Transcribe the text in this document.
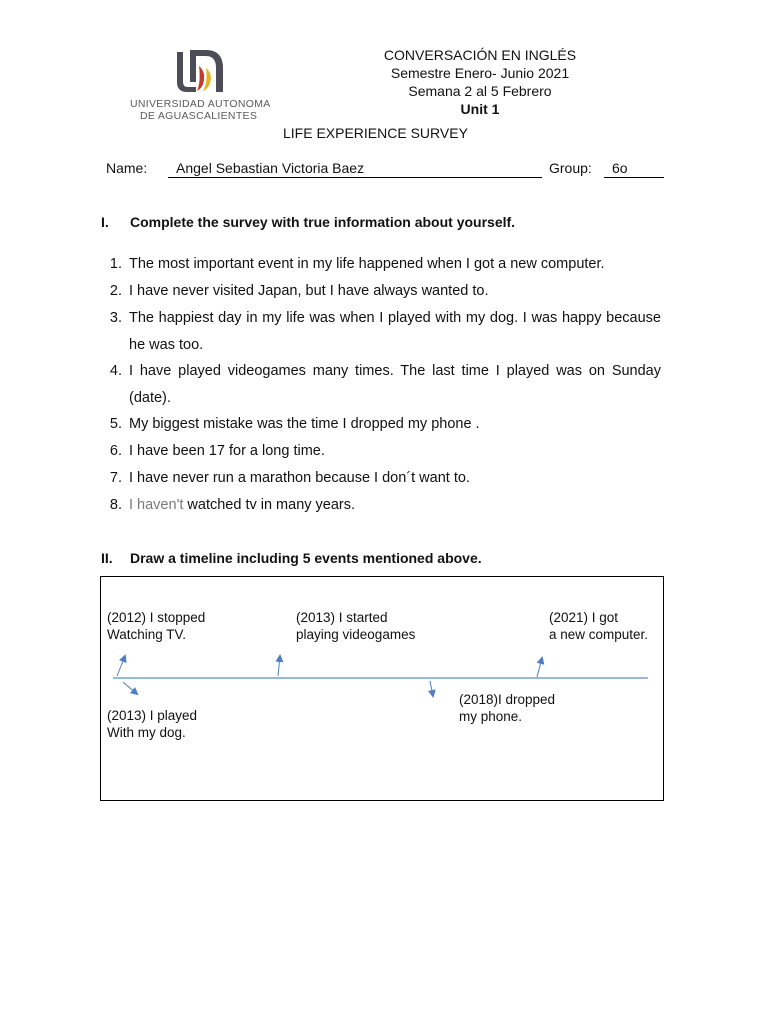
UNIVERSIDAD AUTONOMA
DE AGUASCALIENTES
CONVERSACIÓN EN INGLÉS
Semestre Enero- Junio 2021
Semana 2 al 5 Febrero
Unit 1
LIFE EXPERIENCE SURVEY
Name:	Angel Sebastian Victoria Baez	Group:	6o
I. Complete the survey with true information about yourself.
1. The most important event in my life happened when I got a new computer.
2. I have never visited Japan, but I have always wanted to.
3. The happiest day in my life was when I played with my dog. I was happy because he was too.
4. I have played videogames many times. The last time I played was on Sunday (date).
5. My biggest mistake was the time I dropped my phone .
6. I have been 17 for a long time.
7. I have never run a marathon because I don´t want to.
8. I haven't watched tv in many years.
II. Draw a timeline including 5 events mentioned above.
(2012) I stopped
Watching TV.
(2013) I started
playing videogames
(2021) I got
a new computer.
(2013) I played
With my dog.
(2018)I dropped
my phone.
